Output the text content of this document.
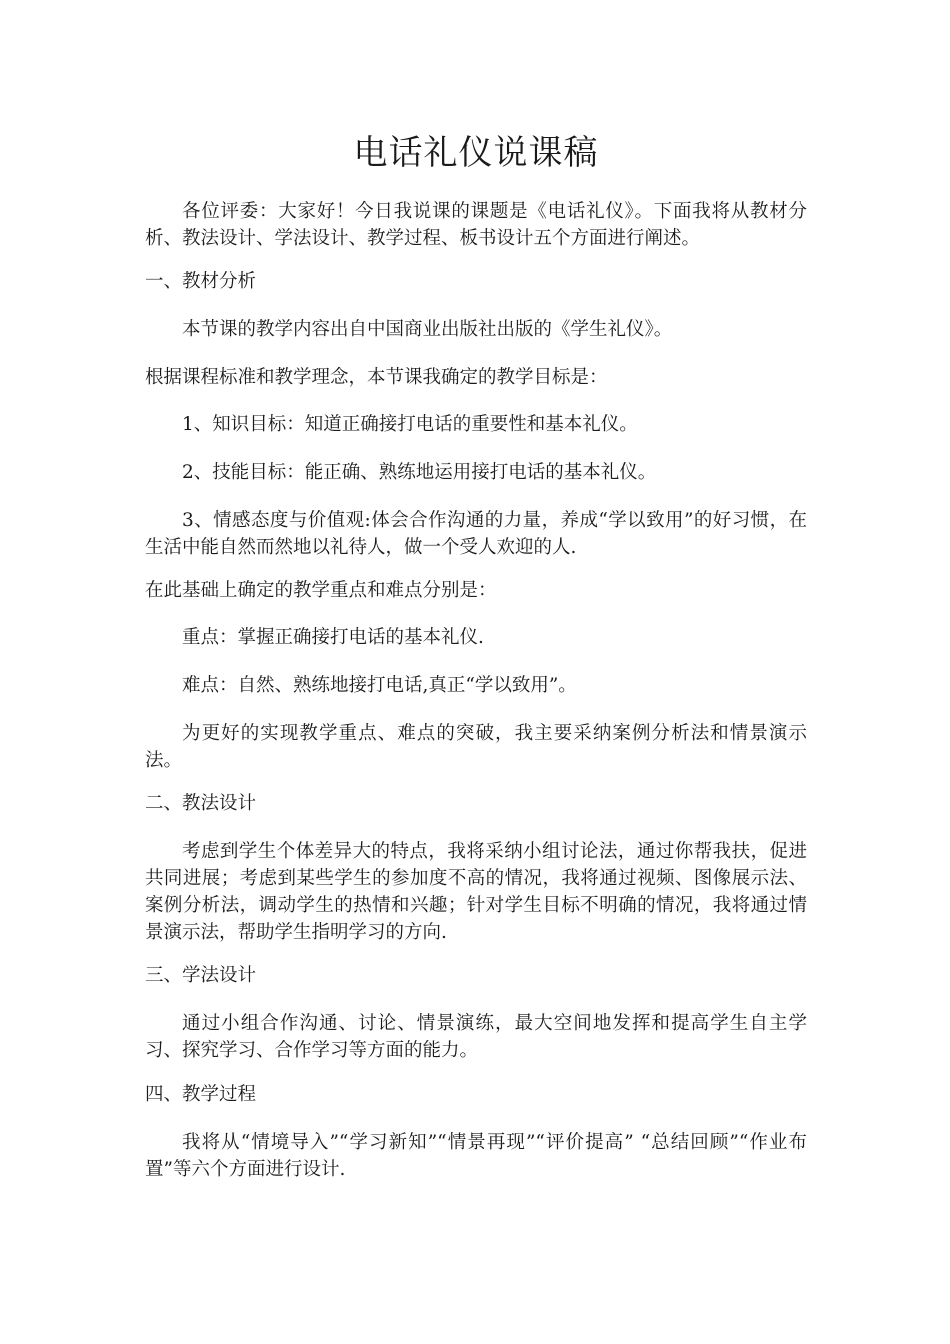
电话礼仪说课稿

各位评委：大家好！今日我说课的课题是《电话礼仪》。下面我将从教材分析、教法设计、学法设计、教学过程、板书设计五个方面进行阐述。

一、教材分析

本节课的教学内容出自中国商业出版社出版的《学生礼仪》。

根据课程标准和教学理念，本节课我确定的教学目标是：

1、知识目标：知道正确接打电话的重要性和基本礼仪。

2、技能目标：能正确、熟练地运用接打电话的基本礼仪。

3、情感态度与价值观:体会合作沟通的力量，养成“学以致用”的好习惯，在生活中能自然而然地以礼待人，做一个受人欢迎的人.

在此基础上确定的教学重点和难点分别是：

重点：掌握正确接打电话的基本礼仪.

难点：自然、熟练地接打电话,真正“学以致用”。

为更好的实现教学重点、难点的突破，我主要采纳案例分析法和情景演示法。

二、教法设计

考虑到学生个体差异大的特点，我将采纳小组讨论法，通过你帮我扶，促进共同进展；考虑到某些学生的参加度不高的情况，我将通过视频、图像展示法、案例分析法，调动学生的热情和兴趣；针对学生目标不明确的情况，我将通过情景演示法，帮助学生指明学习的方向.

三、学法设计

通过小组合作沟通、讨论、情景演练，最大空间地发挥和提高学生自主学习、探究学习、合作学习等方面的能力。

四、教学过程

我将从“情境导入”“学习新知”“情景再现”“评价提高” “总结回顾”“作业布置”等六个方面进行设计.
